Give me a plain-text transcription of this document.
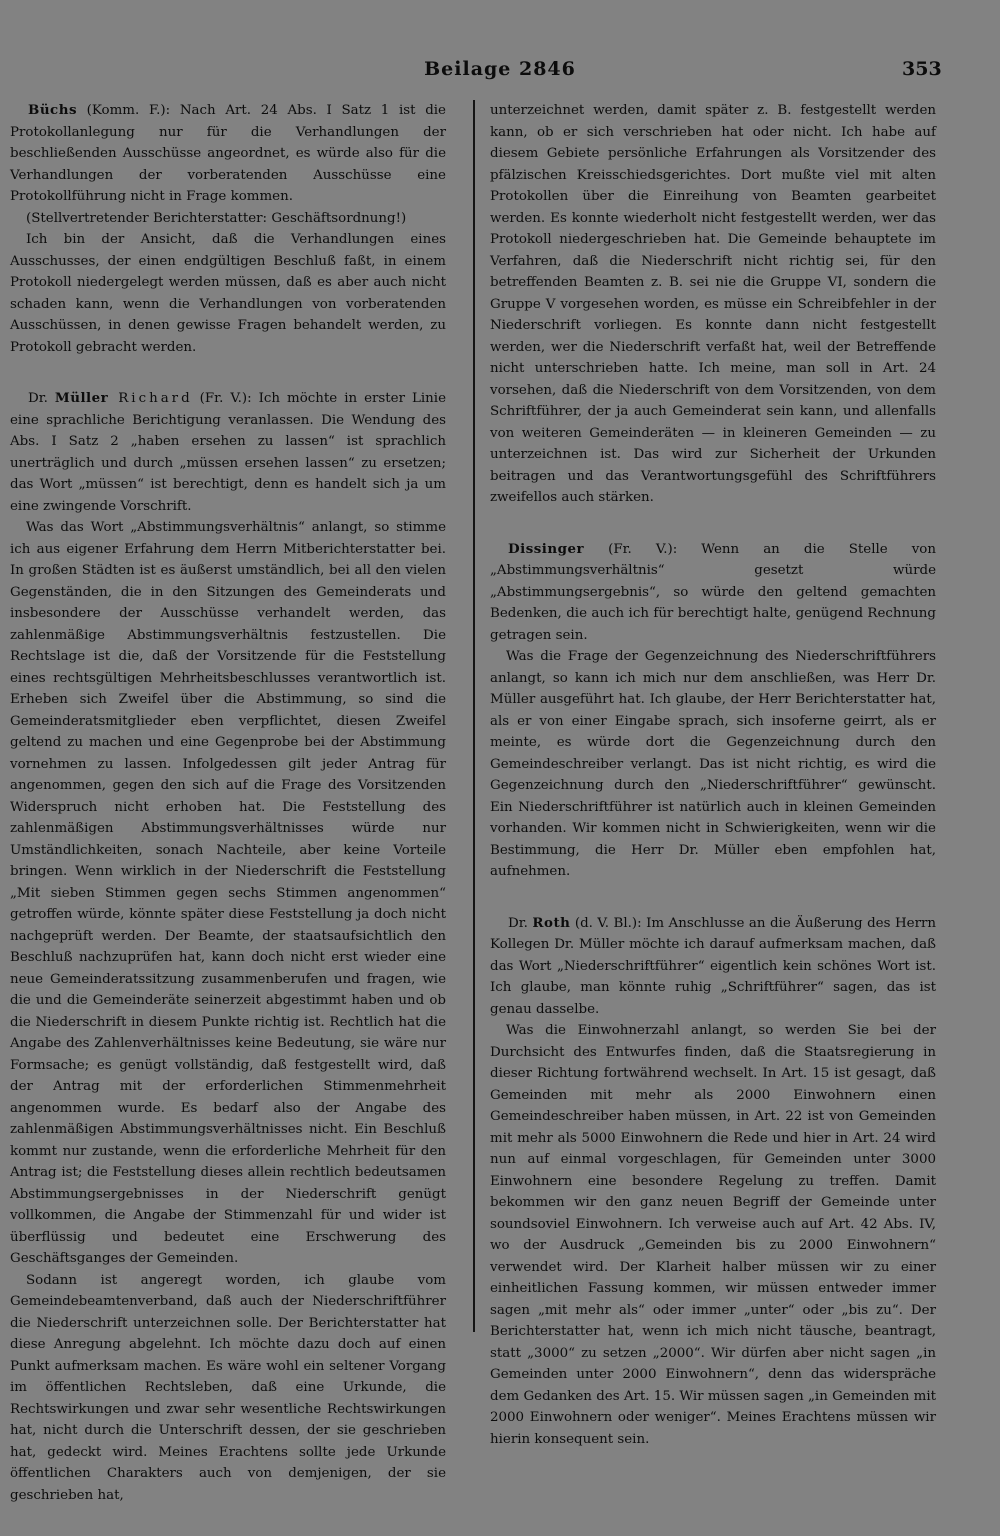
Beilage 2846	353

Büchs (Komm. F.): Nach Art. 24 Abs. I Satz 1 ist die Protokollanlegung nur für die Verhandlungen der beschließenden Ausschüsse angeordnet, es würde also für die Verhandlungen der vorberatenden Ausschüsse eine Protokollführung nicht in Frage kommen.

(Stellvertretender Berichterstatter: Geschäftsordnung!)

Ich bin der Ansicht, daß die Verhandlungen eines Ausschusses, der einen endgültigen Beschluß faßt, in einem Protokoll niedergelegt werden müssen, daß es aber auch nicht schaden kann, wenn die Verhandlungen von vorberatenden Ausschüssen, in denen gewisse Fragen behandelt werden, zu Protokoll gebracht werden.

Dr. Müller Richard (Fr. V.): Ich möchte in erster Linie eine sprachliche Berichtigung veranlassen. Die Wendung des Abs. I Satz 2 „haben ersehen zu lassen“ ist sprachlich unerträglich und durch „müssen ersehen lassen“ zu ersetzen; das Wort „müssen“ ist berechtigt, denn es handelt sich ja um eine zwingende Vorschrift.

Was das Wort „Abstimmungsverhältnis“ anlangt, so stimme ich aus eigener Erfahrung dem Herrn Mitberichterstatter bei. In großen Städten ist es äußerst umständlich, bei all den vielen Gegenständen, die in den Sitzungen des Gemeinderats und insbesondere der Ausschüsse verhandelt werden, das zahlenmäßige Abstimmungsverhältnis festzustellen. Die Rechtslage ist die, daß der Vorsitzende für die Feststellung eines rechtsgültigen Mehrheitsbeschlusses verantwortlich ist. Erheben sich Zweifel über die Abstimmung, so sind die Gemeinderatsmitglieder eben verpflichtet, diesen Zweifel geltend zu machen und eine Gegenprobe bei der Abstimmung vornehmen zu lassen. Infolgedessen gilt jeder Antrag für angenommen, gegen den sich auf die Frage des Vorsitzenden Widerspruch nicht erhoben hat. Die Feststellung des zahlenmäßigen Abstimmungsverhältnisses würde nur Umständlichkeiten, sonach Nachteile, aber keine Vorteile bringen. Wenn wirklich in der Niederschrift die Feststellung „Mit sieben Stimmen gegen sechs Stimmen angenommen“ getroffen würde, könnte später diese Feststellung ja doch nicht nachgeprüft werden. Der Beamte, der staatsaufsichtlich den Beschluß nachzuprüfen hat, kann doch nicht erst wieder eine neue Gemeinderatssitzung zusammenberufen und fragen, wie die und die Gemeinderäte seinerzeit abgestimmt haben und ob die Niederschrift in diesem Punkte richtig ist. Rechtlich hat die Angabe des Zahlenverhältnisses keine Bedeutung, sie wäre nur Formsache; es genügt vollständig, daß festgestellt wird, daß der Antrag mit der erforderlichen Stimmenmehrheit angenommen wurde. Es bedarf also der Angabe des zahlenmäßigen Abstimmungsverhältnisses nicht. Ein Beschluß kommt nur zustande, wenn die erforderliche Mehrheit für den Antrag ist; die Feststellung dieses allein rechtlich bedeutsamen Abstimmungsergebnisses in der Niederschrift genügt vollkommen, die Angabe der Stimmenzahl für und wider ist überflüssig und bedeutet eine Erschwerung des Geschäftsganges der Gemeinden.

Sodann ist angeregt worden, ich glaube vom Gemeindebeamtenverband, daß auch der Niederschriftführer die Niederschrift unterzeichnen solle. Der Berichterstatter hat diese Anregung abgelehnt. Ich möchte dazu doch auf einen Punkt aufmerksam machen. Es wäre wohl ein seltener Vorgang im öffentlichen Rechtsleben, daß eine Urkunde, die Rechtswirkungen und zwar sehr wesentliche Rechtswirkungen hat, nicht durch die Unterschrift dessen, der sie geschrieben hat, gedeckt wird. Meines Erachtens sollte jede Urkunde öffentlichen Charakters auch von demjenigen, der sie geschrieben hat,

unterzeichnet werden, damit später z. B. festgestellt werden kann, ob er sich verschrieben hat oder nicht. Ich habe auf diesem Gebiete persönliche Erfahrungen als Vorsitzender des pfälzischen Kreisschiedsgerichtes. Dort mußte viel mit alten Protokollen über die Einreihung von Beamten gearbeitet werden. Es konnte wiederholt nicht festgestellt werden, wer das Protokoll niedergeschrieben hat. Die Gemeinde behauptete im Verfahren, daß die Niederschrift nicht richtig sei, für den betreffenden Beamten z. B. sei nie die Gruppe VI, sondern die Gruppe V vorgesehen worden, es müsse ein Schreibfehler in der Niederschrift vorliegen. Es konnte dann nicht festgestellt werden, wer die Niederschrift verfaßt hat, weil der Betreffende nicht unterschrieben hatte. Ich meine, man soll in Art. 24 vorsehen, daß die Niederschrift von dem Vorsitzenden, von dem Schriftführer, der ja auch Gemeinderat sein kann, und allenfalls von weiteren Gemeinderäten — in kleineren Gemeinden — zu unterzeichnen ist. Das wird zur Sicherheit der Urkunden beitragen und das Verantwortungsgefühl des Schriftführers zweifellos auch stärken.

Dissinger (Fr. V.): Wenn an die Stelle von „Abstimmungsverhältnis“ gesetzt würde „Abstimmungsergebnis“, so würde den geltend gemachten Bedenken, die auch ich für berechtigt halte, genügend Rechnung getragen sein.

Was die Frage der Gegenzeichnung des Niederschriftführers anlangt, so kann ich mich nur dem anschließen, was Herr Dr. Müller ausgeführt hat. Ich glaube, der Herr Berichterstatter hat, als er von einer Eingabe sprach, sich insoferne geirrt, als er meinte, es würde dort die Gegenzeichnung durch den Gemeindeschreiber verlangt. Das ist nicht richtig, es wird die Gegenzeichnung durch den „Niederschriftführer“ gewünscht. Ein Niederschriftführer ist natürlich auch in kleinen Gemeinden vorhanden. Wir kommen nicht in Schwierigkeiten, wenn wir die Bestimmung, die Herr Dr. Müller eben empfohlen hat, aufnehmen.

Dr. Roth (d. V. Bl.): Im Anschlusse an die Äußerung des Herrn Kollegen Dr. Müller möchte ich darauf aufmerksam machen, daß das Wort „Niederschriftführer“ eigentlich kein schönes Wort ist. Ich glaube, man könnte ruhig „Schriftführer“ sagen, das ist genau dasselbe.

Was die Einwohnerzahl anlangt, so werden Sie bei der Durchsicht des Entwurfes finden, daß die Staatsregierung in dieser Richtung fortwährend wechselt. In Art. 15 ist gesagt, daß Gemeinden mit mehr als 2000 Einwohnern einen Gemeindeschreiber haben müssen, in Art. 22 ist von Gemeinden mit mehr als 5000 Einwohnern die Rede und hier in Art. 24 wird nun auf einmal vorgeschlagen, für Gemeinden unter 3000 Einwohnern eine besondere Regelung zu treffen. Damit bekommen wir den ganz neuen Begriff der Gemeinde unter soundsoviel Einwohnern. Ich verweise auch auf Art. 42 Abs. IV, wo der Ausdruck „Gemeinden bis zu 2000 Einwohnern“ verwendet wird. Der Klarheit halber müssen wir zu einer einheitlichen Fassung kommen, wir müssen entweder immer sagen „mit mehr als“ oder immer „unter“ oder „bis zu“. Der Berichterstatter hat, wenn ich mich nicht täusche, beantragt, statt „3000“ zu setzen „2000“. Wir dürfen aber nicht sagen „in Gemeinden unter 2000 Einwohnern“, denn das widerspräche dem Gedanken des Art. 15. Wir müssen sagen „in Gemeinden mit 2000 Einwohnern oder weniger“. Meines Erachtens müssen wir hierin konsequent sein.
